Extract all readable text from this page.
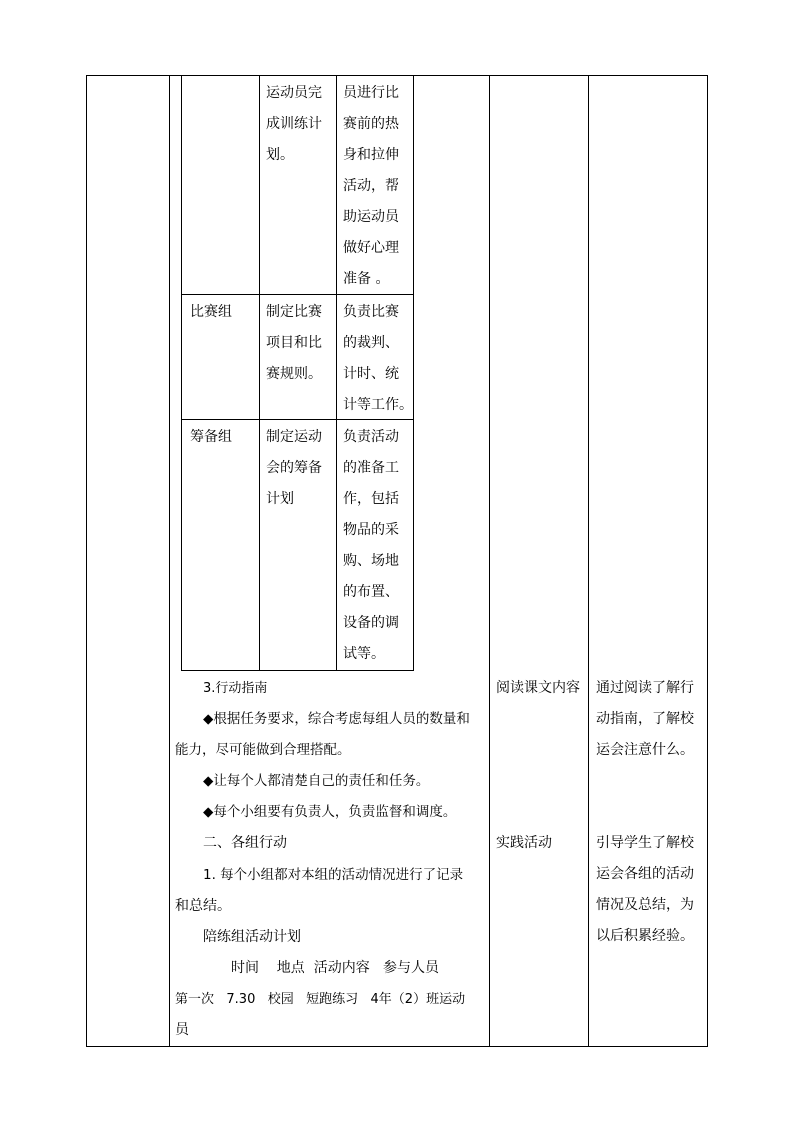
运动员完
成训练计
划。
员进行比
赛前的热
身和拉伸
活动，帮
助运动员
做好心理
准备 。
比赛组 制定比赛
项目和比
赛规则。
负责比赛
的裁判、
计时、统
计等工作。
筹备组 制定运动
会的筹备
计划
负责活动
的准备工
作，包括
物品的采
购、场地
的布置、
设备的调
试等。
3.行动指南
◆根据任务要求，综合考虑每组人员的数量和
能力，尽可能做到合理搭配。
◆让每个人都清楚自己的责任和任务。
◆每个小组要有负责人，负责监督和调度。
二、各组行动
1. 每个小组都对本组的活动情况进行了记录
和总结。
陪练组活动计划
时间    地点  活动内容   参与人员
第一次   7.30   校园   短跑练习   4年（2）班运动
员
阅读课文内容
实践活动
通过阅读了解行
动指南，了解校
运会注意什么。
引导学生了解校
运会各组的活动
情况及总结，为
以后积累经验。
